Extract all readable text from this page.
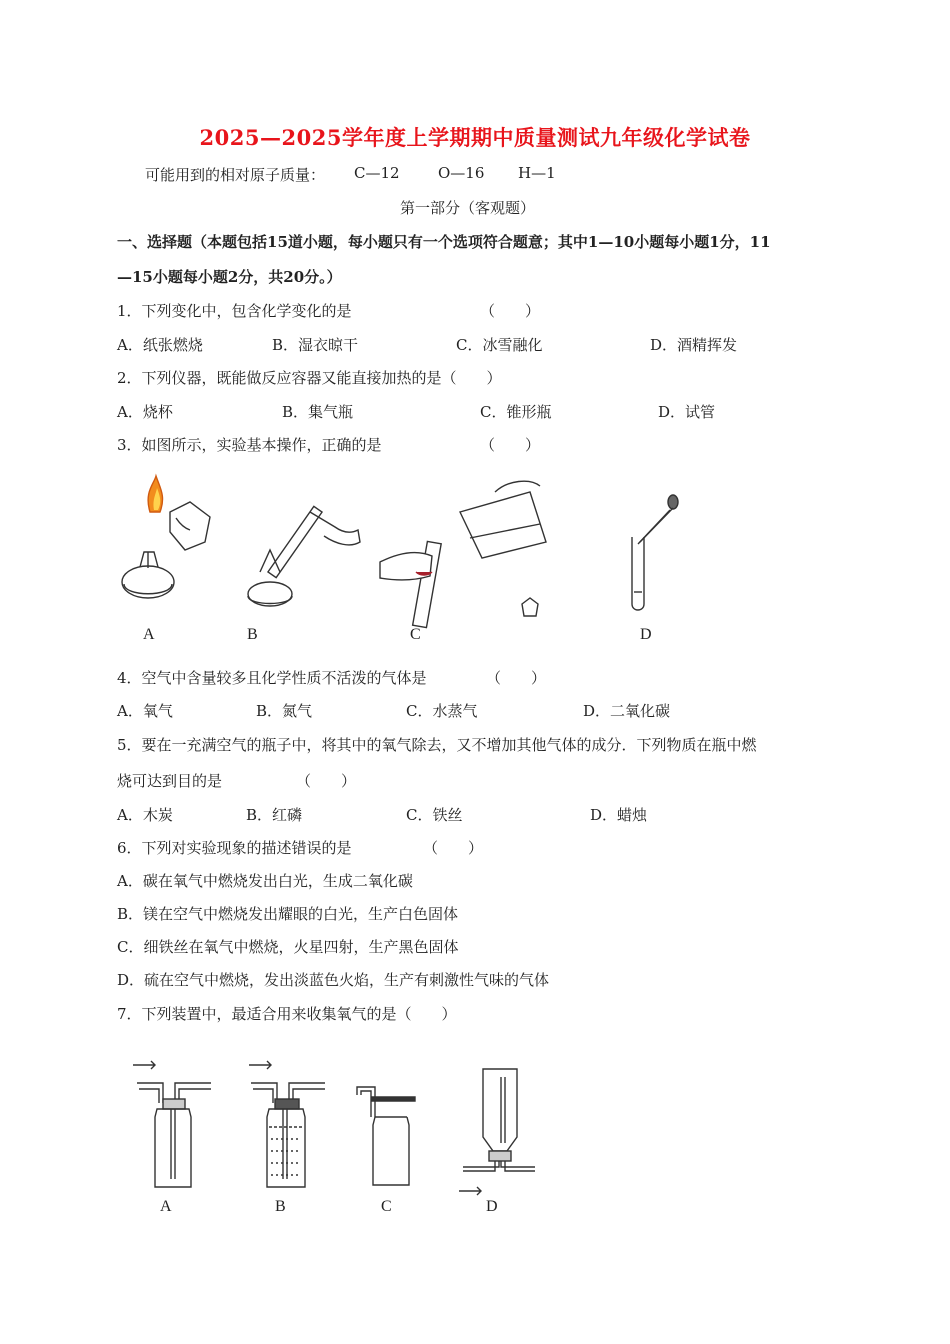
2025—2025学年度上学期期中质量测试九年级化学试卷
可能用到的相对原子质量： C—12	O—16 H—1
第一部分（客观题）
一、选择题（本题包括15道小题，每小题只有一个选项符合题意；其中1—10小题每小题1分，11
—15小题每小题2分，共20分。）
1．下列变化中，包含化学变化的是	（　　）
A．纸张燃烧	B．湿衣晾干	C．冰雪融化	D．酒精挥发
2．下列仪器，既能做反应容器又能直接加热的是（　　）
A．烧杯	B．集气瓶	C．锥形瓶	D．试管
3．如图所示，实验基本操作，正确的是	（　　）
A	B	C	D
4．空气中含量较多且化学性质不活泼的气体是	（　　）
A．氧气	B．氮气	C．水蒸气	D．二氧化碳
5．要在一充满空气的瓶子中，将其中的氧气除去，又不增加其他气体的成分．下列物质在瓶中燃
烧可达到目的是	（　　）
A．木炭	B．红磷	C．铁丝	D．蜡烛
6．下列对实验现象的描述错误的是	（　　）
A．碳在氧气中燃烧发出白光，生成二氧化碳
B．镁在空气中燃烧发出耀眼的白光，生产白色固体
C．细铁丝在氧气中燃烧，火星四射，生产黑色固体
D．硫在空气中燃烧，发出淡蓝色火焰，生产有刺激性气味的气体
7．下列装置中，最适合用来收集氧气的是（　　）
A	B	C	D
